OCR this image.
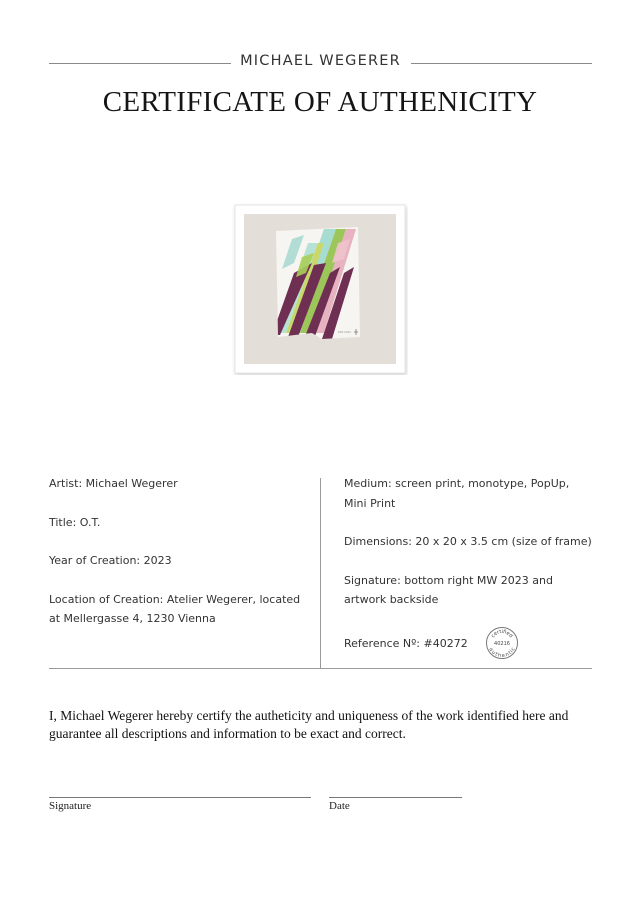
MICHAEL WEGERER
CERTIFICATE OF AUTHENICITY
MW 2023
Artist: Michael Wegerer
Title: O.T.
Year of Creation: 2023
Location of Creation: Atelier Wegerer, located at Mellergasse 4, 1230 Vienna
Medium: screen print, monotype, PopUp, Mini Print
Dimensions: 20 x 20 x 3.5 cm (size of frame)
Signature: bottom right MW 2023 and artwork backside
Reference Nº: #40272
certified
40216
authentic
I, Michael Wegerer hereby certify the autheticity and uniqueness of the work identified here and guarantee all descriptions and information to be exact and correct.
Signature	Date
